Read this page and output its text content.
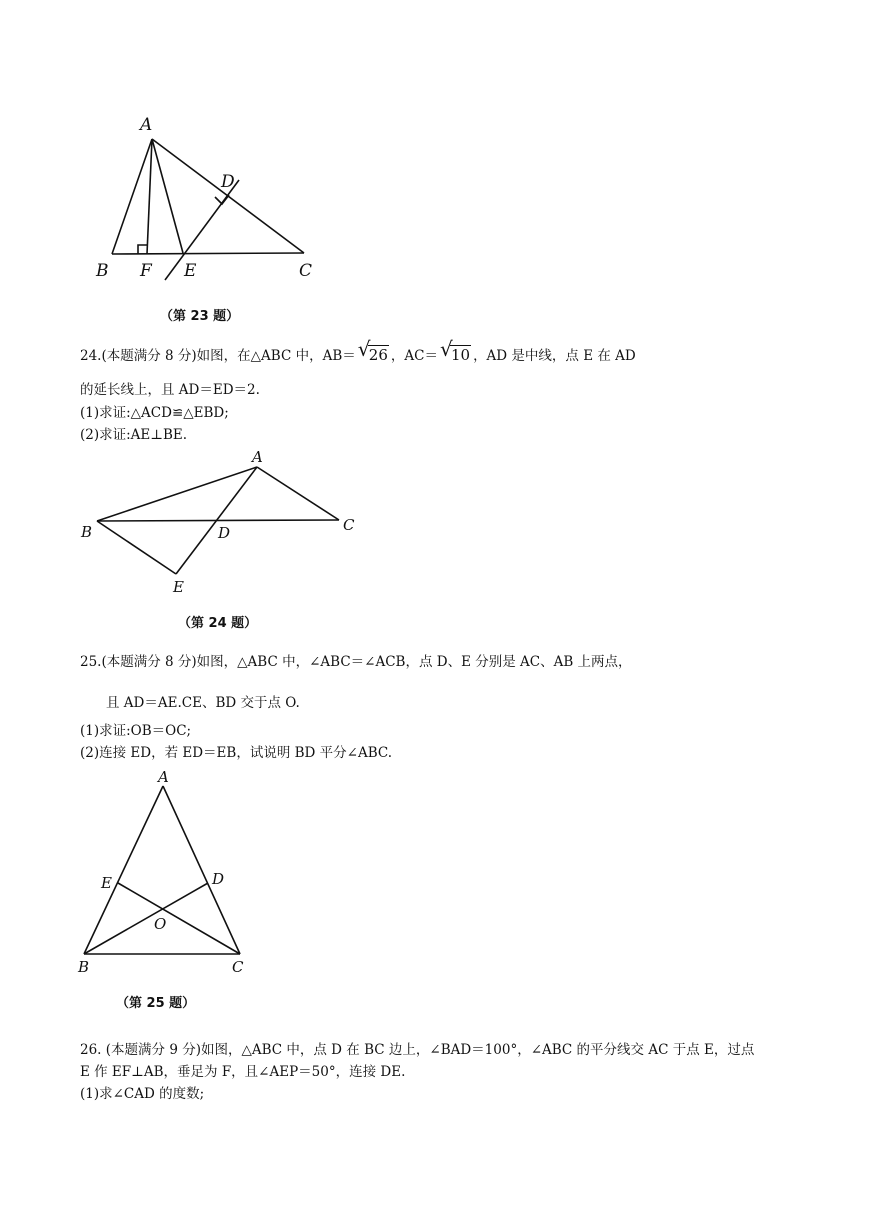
A
B F E	C
D
（第 23 题）
24.(本题满分 8 分)如图，在△ABC 中，AB＝ √
26 ，AC＝ √
10 ，AD 是中线，点 E 在 AD
的延长线上，且 AD＝ED＝2.
(1)求证:△ACD≌△EBD;
(2)求证:AE⊥BE.
A
B	C
D
E
（第 24 题）
25.(本题满分 8 分)如图，△ABC 中，∠ABC＝∠ACB，点 D、E 分别是 AC、AB 上两点，
且 AD＝AE.CE、BD 交于点 O.
(1)求证:OB＝OC;
(2)连接 ED，若 ED＝EB，试说明 BD 平分∠ABC.
A
E	D
O
B	C
（第 25 题）
26. (本题满分 9 分)如图，△ABC 中，点 D 在 BC 边上，∠BAD＝100°，∠ABC 的平分线交 AC 于点 E，过点
E 作 EF⊥AB，垂足为 F，且∠AEP＝50°，连接 DE.
(1)求∠CAD 的度数;
